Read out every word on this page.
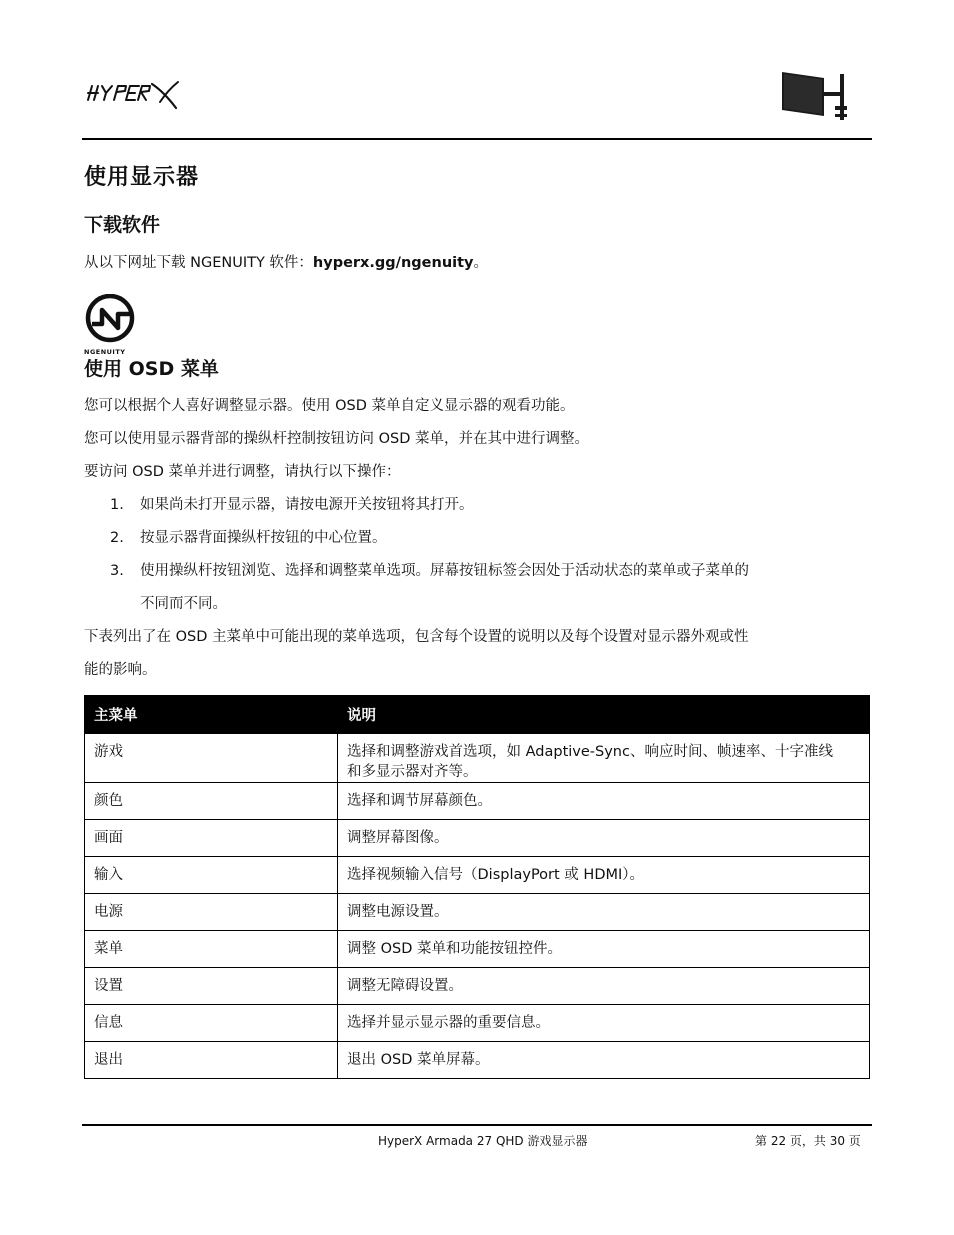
使用显示器
下载软件

从以下网址下载 NGENUITY 软件：hyperx.gg/ngenuity。

NGENUITY
使用 OSD 菜单

您可以根据个人喜好调整显示器。使用 OSD 菜单自定义显示器的观看功能。

您可以使用显示器背部的操纵杆控制按钮访问 OSD 菜单，并在其中进行调整。

要访问 OSD 菜单并进行调整，请执行以下操作：

1. 如果尚未打开显示器，请按电源开关按钮将其打开。
2. 按显示器背面操纵杆按钮的中心位置。
3. 使用操纵杆按钮浏览、选择和调整菜单选项。屏幕按钮标签会因处于活动状态的菜单或子菜单的
不同而不同。

下表列出了在 OSD 主菜单中可能出现的菜单选项，包含每个设置的说明以及每个设置对显示器外观或性

能的影响。

主菜单	说明
游戏	选择和调整游戏首选项，如 Adaptive-Sync、响应时间、帧速率、十字准线和多显示器对齐等。
颜色	选择和调节屏幕颜色。
画面	调整屏幕图像。
输入	选择视频输入信号（DisplayPort 或 HDMI）。
电源	调整电源设置。
菜单	调整 OSD 菜单和功能按钮控件。
设置	调整无障碍设置。
信息	选择并显示显示器的重要信息。
退出	退出 OSD 菜单屏幕。
HyperX Armada 27 QHD 游戏显示器	第 22 页，共 30 页
